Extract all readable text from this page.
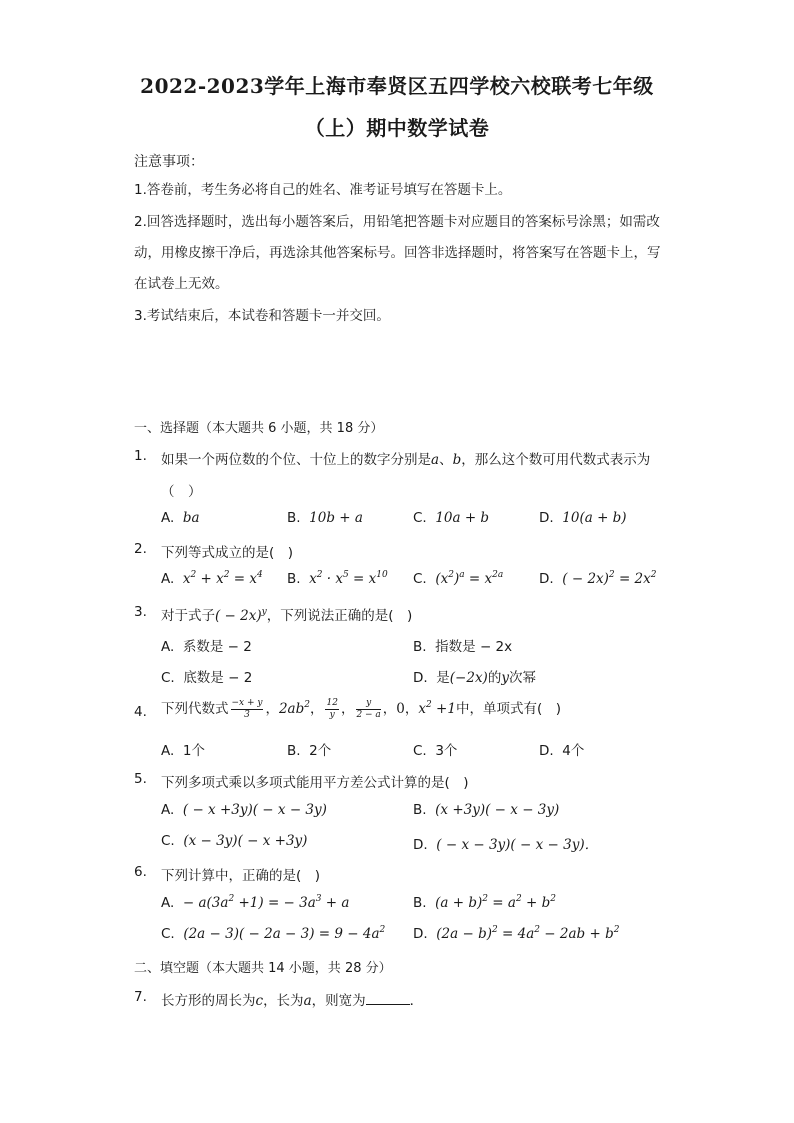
2022-2023学年上海市奉贤区五四学校六校联考七年级
（上）期中数学试卷
注意事项：
1.答卷前，考生务必将自己的姓名、准考证号填写在答题卡上。
2.回答选择题时，选出每小题答案后，用铅笔把答题卡对应题目的答案标号涂黑；如需改动，用橡皮擦干净后，再选涂其他答案标号。回答非选择题时，将答案写在答题卡上，写在试卷上无效。
3.考试结束后，本试卷和答题卡一并交回。
一、选择题（本大题共 6 小题，共 18 分）
1. 如果一个两位数的个位、十位上的数字分别是a、b，那么这个数可用代数式表示为
（　）
A. ba	B. 10b + a	C. 10a + b	D. 10(a + b)
2. 下列等式成立的是(　)
A. $x^2 + x^2 = x^4$ B. $x^2 \cdot x^5 = x^{10}$ C. $(x^2)^a = x^{2a}$	D. ( − $2x)^2 = 2x^2$
3. 对于式子( − 2x)$^y$，下列说法正确的是(　)
A. 系数是 − 2	B. 指数是 − 2x
C. 底数是 − 2	D. 是(−2x)的y次幂
4. 下列代数式 $\frac{-x + y}{3}$ ，$2ab^2$， $\frac{12}{y}$ ， $\frac{y}{2 - a}$ ，0，$x^2 +1$中，单项式有(　)
A. 1个	B. 2个	C. 3个	D. 4个
5. 下列多项式乘以多项式能用平方差公式计算的是(　)
A. ( − x +3y)( − x − 3y)	B. (x +3y)( − x − 3y)
C. (x − 3y)( − x +3y)	D. ( − x − 3y)( − x − 3y)．
6. 下列计算中，正确的是(　)
A. − $a(3a^2 +1)$ = − $3a^3 + a$	B. $(a + b)^2 = a^2 + b^2$
C. $(2a - 3)( - 2a - 3) = 9 - 4a^2$ D. $(2a - b)^2 = 4a^2 - 2ab + b^2$
二、填空题（本大题共 14 小题，共 28 分）
7. 长方形的周长为c，长为a，则宽为	．
